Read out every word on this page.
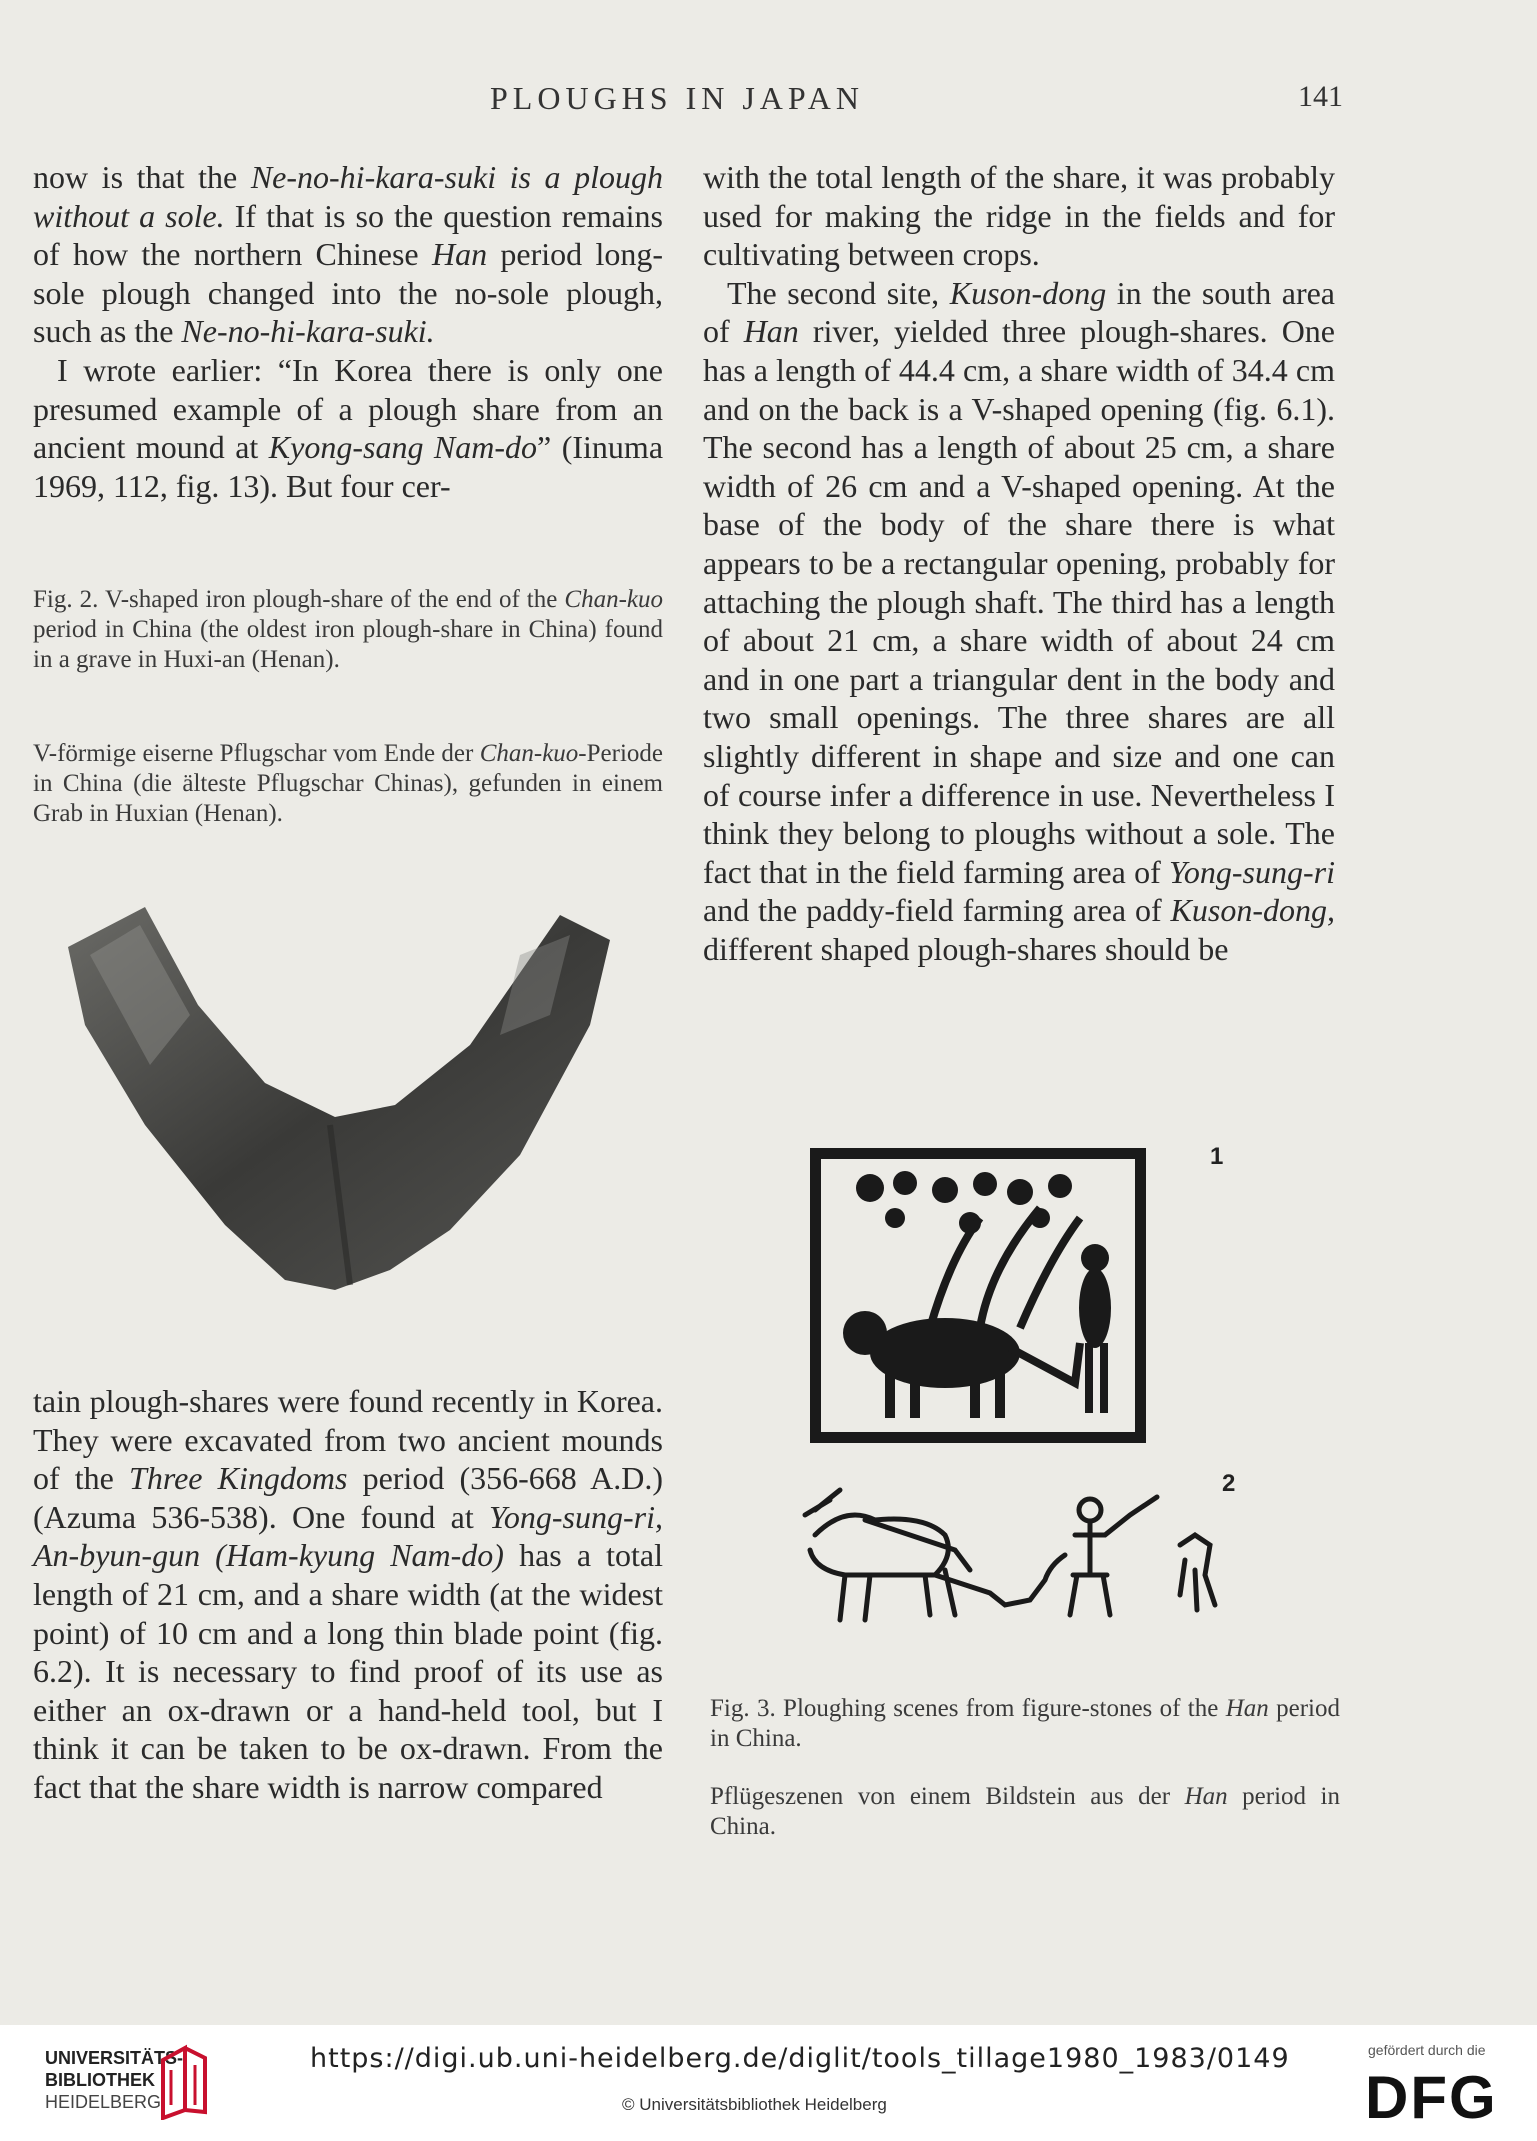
PLOUGHS IN JAPAN	141

now is that the Ne-no-hi-kara-suki is a plough without a sole. If that is so the question remains of how the northern Chinese Han period long-sole plough changed into the no-sole plough, such as the Ne-no-hi-kara-suki.

I wrote earlier: “In Korea there is only one presumed example of a plough share from an ancient mound at Kyong-sang Nam-do” (Iinuma 1969, 112, fig. 13). But four cer-

Fig. 2. V-shaped iron plough-share of the end of the Chan-kuo period in China (the oldest iron plough-share in China) found in a grave in Huxi-an (Henan).
V-förmige eiserne Pflugschar vom Ende der Chan-kuo-Periode in China (die älteste Pflugschar Chinas), gefunden in einem Grab in Huxian (Henan).

tain plough-shares were found recently in Korea. They were excavated from two ancient mounds of the Three Kingdoms period (356-668 A.D.) (Azuma 536-538). One found at Yong-sung-ri, An-byun-gun (Ham-kyung Nam-do) has a total length of 21 cm, and a share width (at the widest point) of 10 cm and a long thin blade point (fig. 6.2). It is necessary to find proof of its use as either an ox-drawn or a hand-held tool, but I think it can be taken to be ox-drawn. From the fact that the share width is narrow compared

with the total length of the share, it was probably used for making the ridge in the fields and for cultivating between crops.

The second site, Kuson-dong in the south area of Han river, yielded three plough-shares. One has a length of 44.4 cm, a share width of 34.4 cm and on the back is a V-shaped opening (fig. 6.1). The second has a length of about 25 cm, a share width of 26 cm and a V-shaped opening. At the base of the body of the share there is what appears to be a rectangular opening, probably for attaching the plough shaft. The third has a length of about 21 cm, a share width of about 24 cm and in one part a triangular dent in the body and two small openings. The three shares are all slightly different in shape and size and one can of course infer a difference in use. Nevertheless I think they belong to ploughs without a sole. The fact that in the field farming area of Yong-sung-ri and the paddy-field farming area of Kuson-dong, different shaped plough-shares should be

1
2
Fig. 3. Ploughing scenes from figure-stones of the Han period in China.
Pflügeszenen von einem Bildstein aus der Han period in China.
UNIVERSITÄTS-
BIBLIOTHEK
HEIDELBERG
https://digi.ub.uni-heidelberg.de/diglit/tools_tillage1980_1983/0149
© Universitätsbibliothek Heidelberg
gefördert durch die
DFG
